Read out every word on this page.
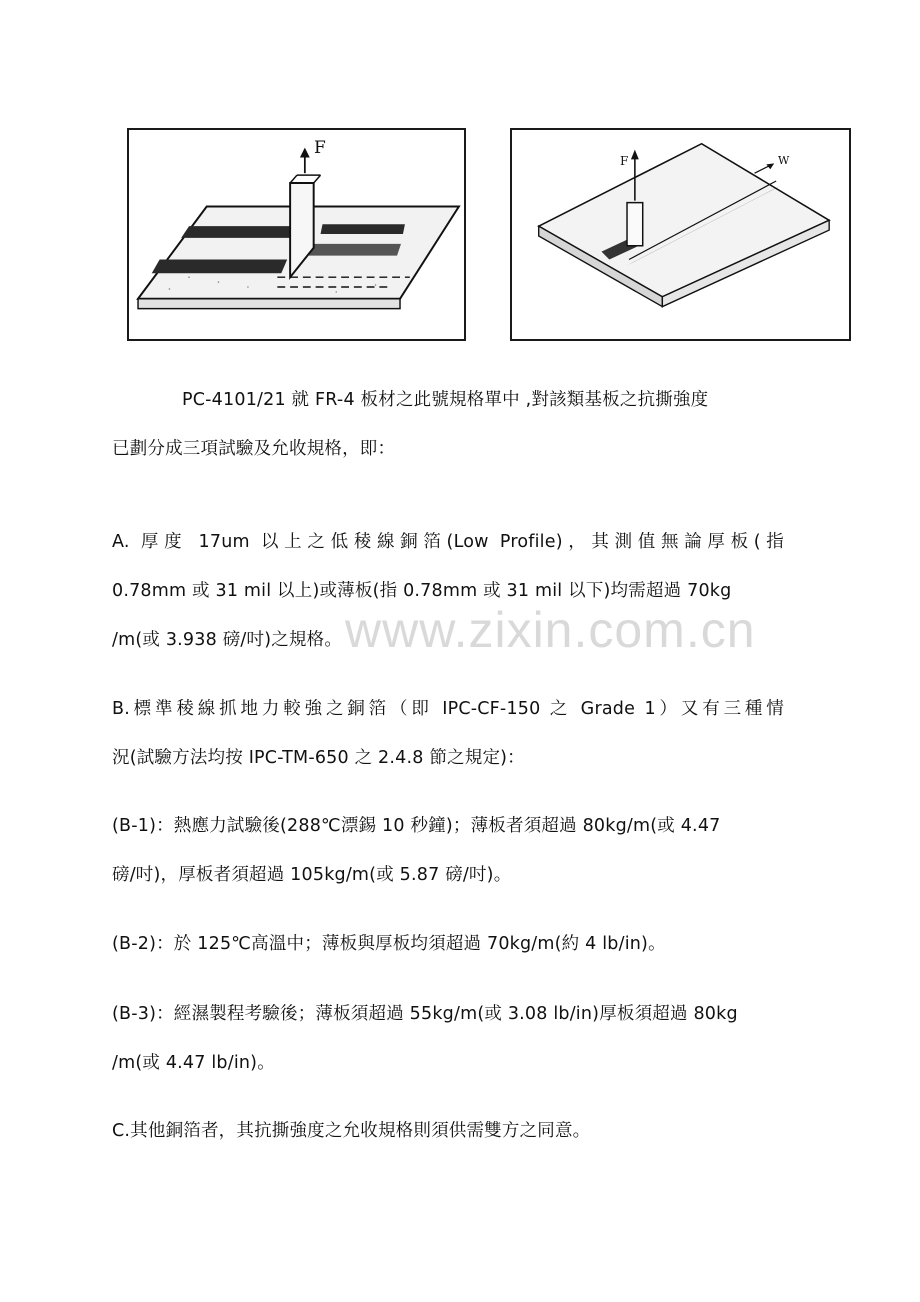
F
F	W
PC-4101/21 就 FR-4 板材之此號規格單中 ,對該類基板之抗撕強度
已劃分成三項試驗及允收規格，即：
A. 厚度 17um 以上之低稜線銅箔(Low Profile)，其測值無論厚板(指
0.78mm 或 31 mil 以上)或薄板(指 0.78mm 或 31 mil 以下)均需超過 70kg
/m(或 3.938 磅/吋)之規格。 www.zixin.com.cn
B.標準稜線抓地力較強之銅箔（即 IPC-CF-150 之 Grade 1）又有三種情
況(試驗方法均按 IPC-TM-650 之 2.4.8 節之規定)：
(B-1)：熱應力試驗後(288℃漂錫 10 秒鐘)；薄板者須超過 80kg/m(或 4.47
磅/吋)，厚板者須超過 105kg/m(或 5.87 磅/吋)。
(B-2)：於 125℃高溫中；薄板與厚板均須超過 70kg/m(約 4 lb/in)。
(B-3)：經濕製程考驗後；薄板須超過 55kg/m(或 3.08 lb/in)厚板須超過 80kg
/m(或 4.47 lb/in)。
C.其他銅箔者，其抗撕強度之允收規格則須供需雙方之同意。
